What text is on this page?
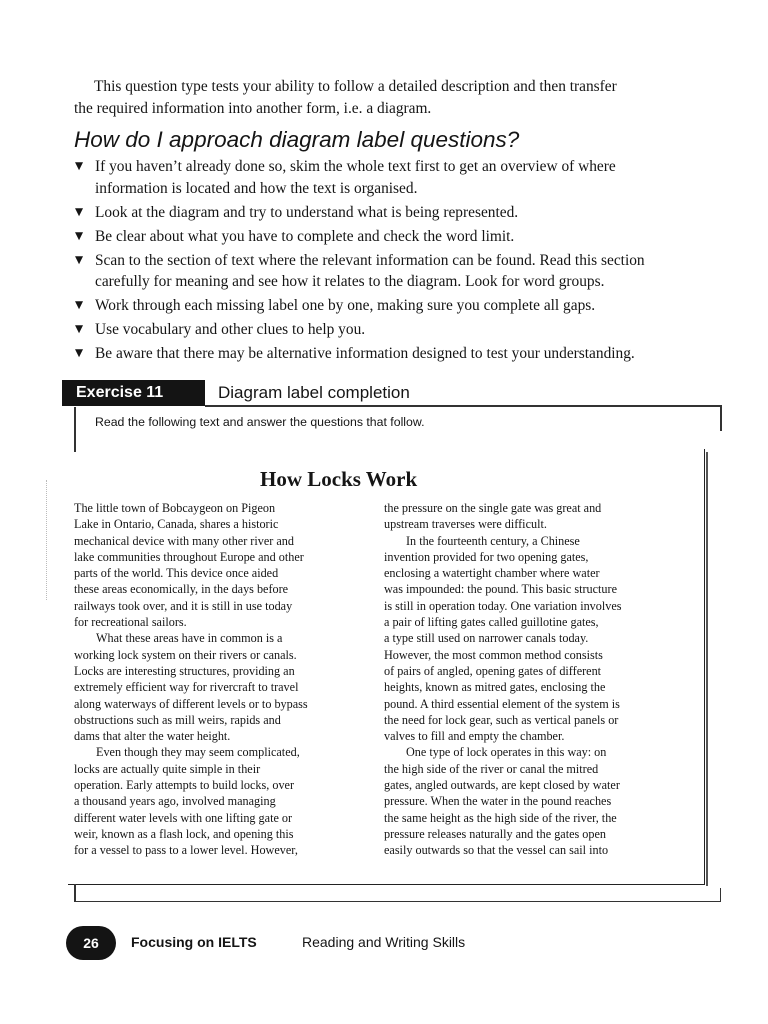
This question type tests your ability to follow a detailed description and then transfer
the required information into another form, i.e. a diagram.

How do I approach diagram label questions?
▼ If you haven’t already done so, skim the whole text first to get an overview of where
information is located and how the text is organised.
▼ Look at the diagram and try to understand what is being represented.
▼ Be clear about what you have to complete and check the word limit.
▼ Scan to the section of text where the relevant information can be found. Read this section
carefully for meaning and see how it relates to the diagram. Look for word groups.
▼ Work through each missing label one by one, making sure you complete all gaps.
▼ Use vocabulary and other clues to help you.
▼ Be aware that there may be alternative information designed to test your understanding.
Exercise 11	Diagram label completion
Read the following text and answer the questions that follow.
How Locks Work
The little town of Bobcaygeon on Pigeon
Lake in Ontario, Canada, shares a historic
mechanical device with many other river and
lake communities throughout Europe and other
parts of the world. This device once aided
these areas economically, in the days before
railways took over, and it is still in use today
for recreational sailors.
What these areas have in common is a
working lock system on their rivers or canals.
Locks are interesting structures, providing an
extremely efficient way for rivercraft to travel
along waterways of different levels or to bypass
obstructions such as mill weirs, rapids and
dams that alter the water height.
Even though they may seem complicated,
locks are actually quite simple in their
operation. Early attempts to build locks, over
a thousand years ago, involved managing
different water levels with one lifting gate or
weir, known as a flash lock, and opening this
for a vessel to pass to a lower level. However,
the pressure on the single gate was great and
upstream traverses were difficult.
In the fourteenth century, a Chinese
invention provided for two opening gates,
enclosing a watertight chamber where water
was impounded: the pound. This basic structure
is still in operation today. One variation involves
a pair of lifting gates called guillotine gates,
a type still used on narrower canals today.
However, the most common method consists
of pairs of angled, opening gates of different
heights, known as mitred gates, enclosing the
pound. A third essential element of the system is
the need for lock gear, such as vertical panels or
valves to fill and empty the chamber.
One type of lock operates in this way: on
the high side of the river or canal the mitred
gates, angled outwards, are kept closed by water
pressure. When the water in the pound reaches
the same height as the high side of the river, the
pressure releases naturally and the gates open
easily outwards so that the vessel can sail into
26	Focusing on IELTS	Reading and Writing Skills
